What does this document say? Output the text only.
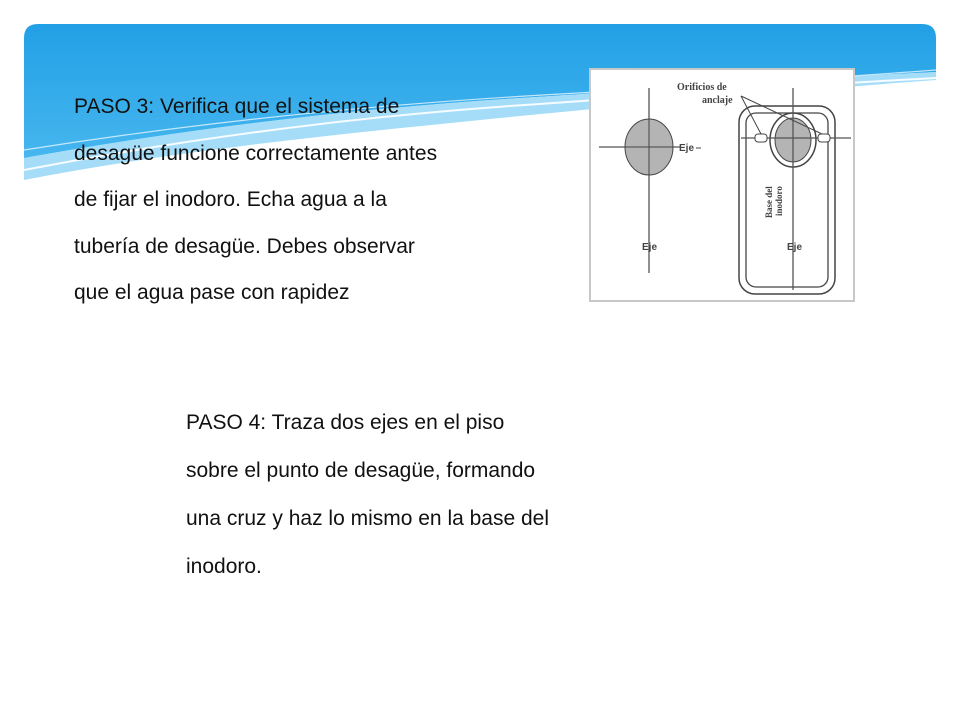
PASO 3: Verifica que el sistema de

desagüe funcione correctamente antes

de fijar el inodoro. Echa agua a la

tubería de desagüe. Debes observar

que el agua pase con rapidez

Eje
Eje
Orificios de
anclaje
Base del inodoro
Eje

PASO 4: Traza dos ejes en el piso

sobre el punto de desagüe, formando

una cruz y haz lo mismo en la base del

inodoro.
